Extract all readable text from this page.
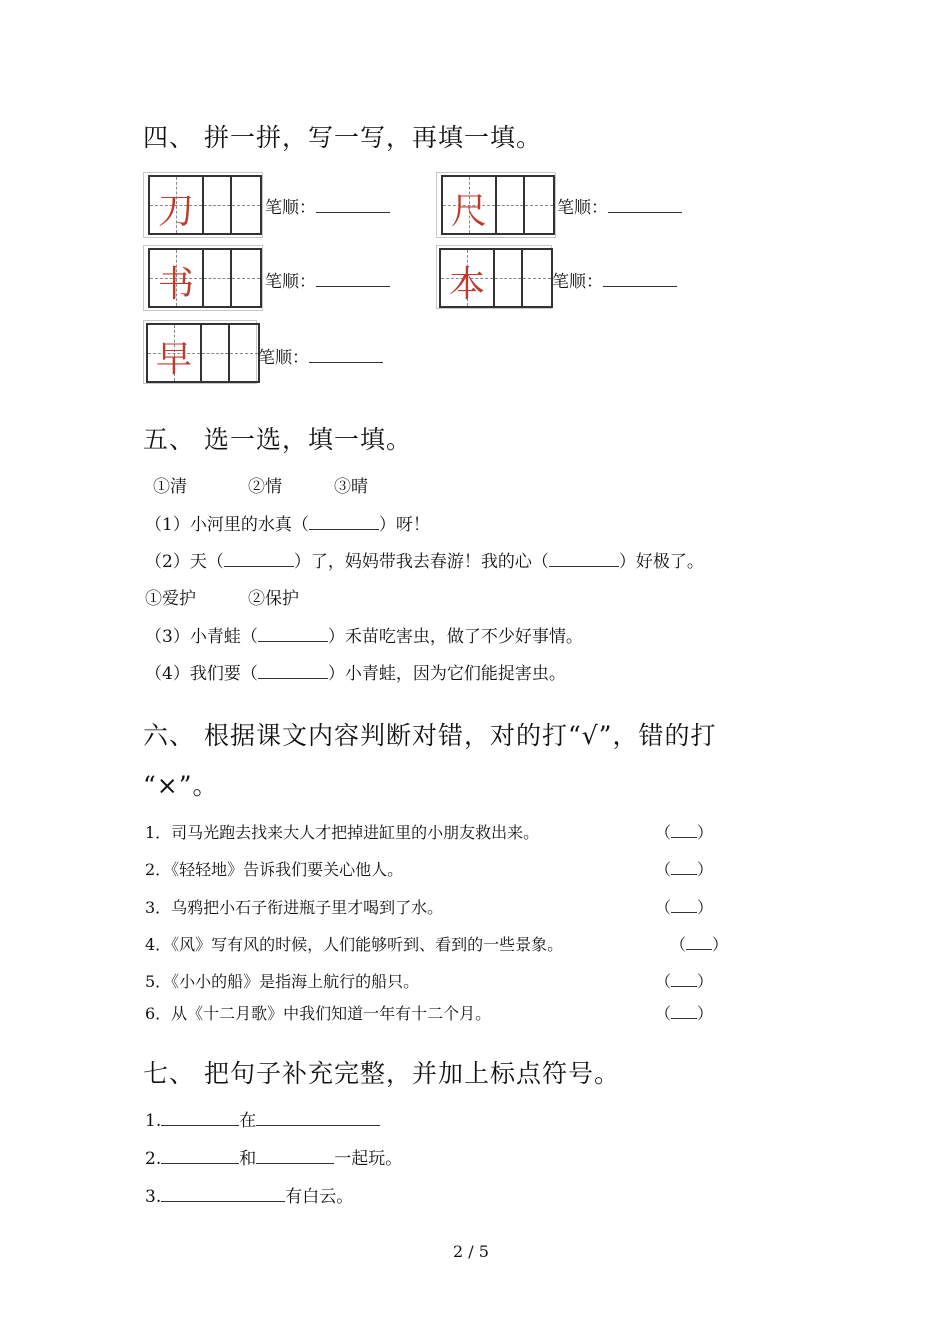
四、 拼一拼，写一写，再填一填。
刀	笔顺：	尺	笔顺：
书	笔顺：	本	笔顺：
早	笔顺：
五、 选一选，填一填。
①清	②情	③晴
（1）小河里的水真（	）呀！
（2）天（	）了，妈妈带我去春游！我的心（	）好极了。
①爱护	②保护
（3）小青蛙（	）禾苗吃害虫，做了不少好事情。
（4）我们要（	）小青蛙，因为它们能捉害虫。
六、 根据课文内容判断对错，对的打“√”，错的打
“×”。
1．司马光跑去找来大人才把掉进缸里的小朋友救出来。	（ ）
2．《轻轻地》告诉我们要关心他人。	（ ）
3．乌鸦把小石子衔进瓶子里才喝到了水。	（ ）
4．《风》写有风的时候，人们能够听到、看到的一些景象。	（ ）
5．《小小的船》是指海上航行的船只。	（ ）
6．从《十二月歌》中我们知道一年有十二个月。	（ ）
七、 把句子补充完整，并加上标点符号。
1.	在
2.	和	一起玩。
3.	有白云。
2 / 5
